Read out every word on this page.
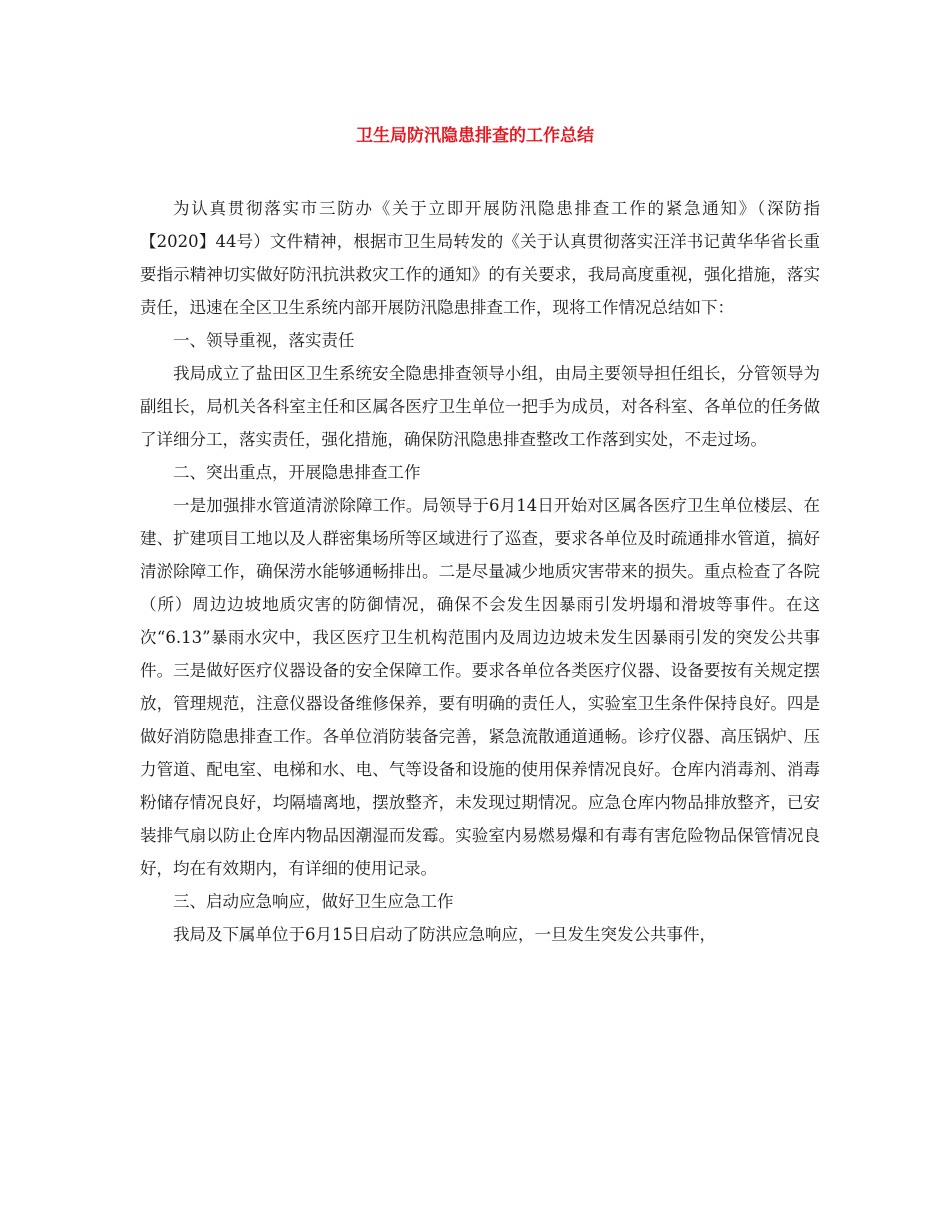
卫生局防汛隐患排查的工作总结

为认真贯彻落实市三防办《关于立即开展防汛隐患排查工作的紧急通知》（深防指【2020】44号）文件精神，根据市卫生局转发的《关于认真贯彻落实汪洋书记黄华华省长重要指示精神切实做好防汛抗洪救灾工作的通知》的有关要求，我局高度重视，强化措施，落实责任，迅速在全区卫生系统内部开展防汛隐患排查工作，现将工作情况总结如下：

一、领导重视，落实责任

我局成立了盐田区卫生系统安全隐患排查领导小组，由局主要领导担任组长，分管领导为副组长，局机关各科室主任和区属各医疗卫生单位一把手为成员，对各科室、各单位的任务做了详细分工，落实责任，强化措施，确保防汛隐患排查整改工作落到实处，不走过场。

二、突出重点，开展隐患排查工作

一是加强排水管道清淤除障工作。局领导于6月14日开始对区属各医疗卫生单位楼层、在建、扩建项目工地以及人群密集场所等区域进行了巡查，要求各单位及时疏通排水管道，搞好清淤除障工作，确保涝水能够通畅排出。二是尽量减少地质灾害带来的损失。重点检查了各院（所）周边边坡地质灾害的防御情况，确保不会发生因暴雨引发坍塌和滑坡等事件。在这次“6.13”暴雨水灾中，我区医疗卫生机构范围内及周边边坡未发生因暴雨引发的突发公共事件。三是做好医疗仪器设备的安全保障工作。要求各单位各类医疗仪器、设备要按有关规定摆放，管理规范，注意仪器设备维修保养，要有明确的责任人，实验室卫生条件保持良好。四是做好消防隐患排查工作。各单位消防装备完善，紧急流散通道通畅。诊疗仪器、高压锅炉、压力管道、配电室、电梯和水、电、气等设备和设施的使用保养情况良好。仓库内消毒剂、消毒粉储存情况良好，均隔墙离地，摆放整齐，未发现过期情况。应急仓库内物品排放整齐，已安装排气扇以防止仓库内物品因潮湿而发霉。实验室内易燃易爆和有毒有害危险物品保管情况良好，均在有效期内，有详细的使用记录。

三、启动应急响应，做好卫生应急工作

我局及下属单位于6月15日启动了防洪应急响应，一旦发生突发公共事件，
